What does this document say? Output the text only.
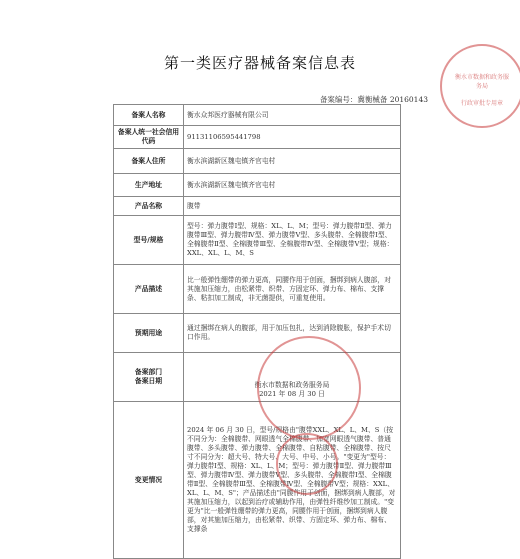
第一类医疗器械备案信息表
备案编号：冀衡械备 20160143
衡水市数据和政务服务局
行政审批专用章
备案人名称	衡水众邦医疗器械有限公司
备案人统一社会信用代码	91131106595441798
备案人住所	衡水滨湖新区魏屯镇齐官屯村
生产地址	衡水滨湖新区魏屯镇齐官屯村
产品名称	腹带
型号/规格	型号：弹力腹带Ⅰ型、规格：XL、L、M；型号：弹力腹带Ⅱ型、弹力腹带Ⅲ型、弹力腹带Ⅳ型、弹力腹带Ⅴ型、多头腹带、全棉腹带Ⅰ型、全棉腹带Ⅱ型、全棉腹带Ⅲ型、全棉腹带Ⅳ型、全棉腹带Ⅴ型；规格：XXL、XL、L、M、S
产品描述	比一般弹性绷带的弹力更高，同腰作用于创面，捆绑到病人腹部，对其施加压缩力，由松紧带、织带、方固定环、弹力布、棉布、支撑条、粘扣加工制成，非无菌提供，可重复使用。
预期用途	通过捆绑在病人的腹部，用于加压包扎，达到消除腹胀，保护手术切口作用。
备案部门
备案日期	衡水市数据和政务服务局
2021 年 08 月 30 日

变更情况	2024 年 06 月 30 日，型号/规格由"腹带XXL、XL、L、M、S（按不同分为：全棉腹带、网眼透气全棉腹带、加宽网眼透气腹带、普通腹带、多头腹带、弹力腹带、全棉腹带、自粘腹带、全棉腹带、按尺寸不同分为：超大号、特大号、大号、中号、小号。"变更为"型号：弹力腹带Ⅰ型、规格：XL、L、M；型号：弹力腹带Ⅱ型、弹力腹带Ⅲ型、弹力腹带Ⅳ型、弹力腹带Ⅴ型、多头腹带、全棉腹带Ⅰ型、全棉腹带Ⅱ型、全棉腹带Ⅲ型、全棉腹带Ⅳ型、全棉腹带Ⅴ型；规格：XXL、XL、L、M、S"；产品描述由"同腰作用于创面，捆绑到病人腹部，对其施加压缩力，以起到治疗或辅助作用，由弹性纤维纱加工制成。"变更为"比一般弹性绷带的弹力更高，同腰作用于创面，捆绑到病人腹部，对其施加压缩力，由松紧带、织带、方固定环、弹力布、棉布、支撑条
